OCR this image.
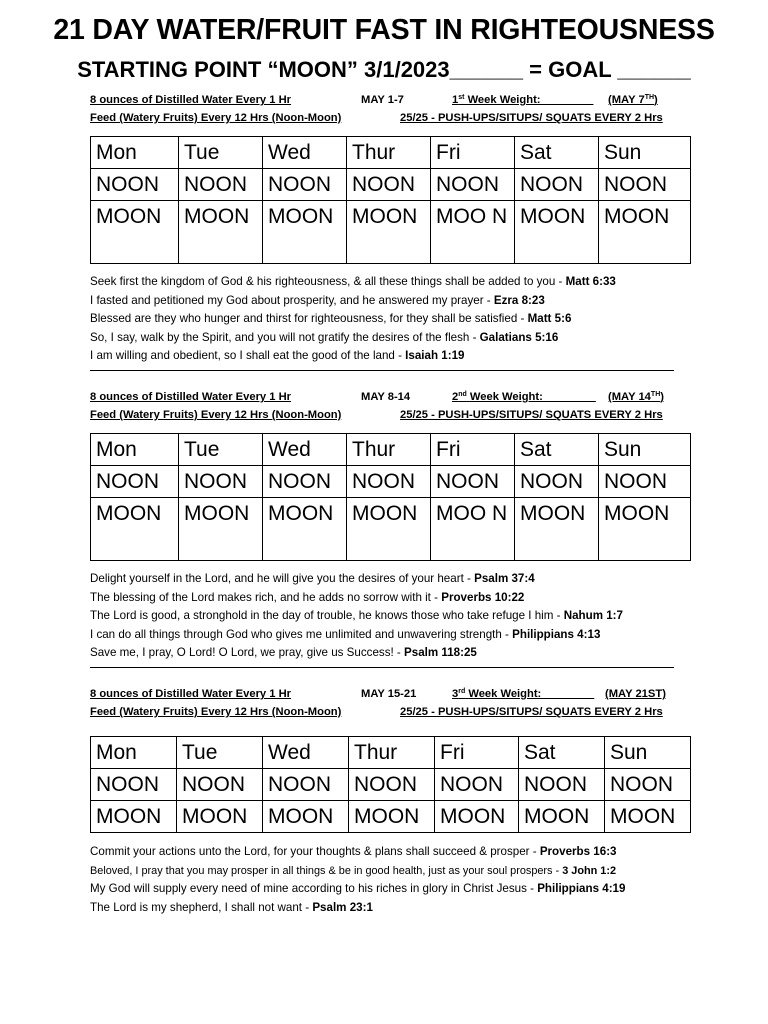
21 DAY WATER/FRUIT FAST IN RIGHTEOUSNESS
STARTING POINT “MOON” 3/1/2023______ = GOAL ______
8 ounces of Distilled Water Every 1 Hr	MAY 1-7	1st Week Weight: ________ (MAY 7TH)
Feed (Watery Fruits) Every 12 Hrs (Noon-Moon)	25/25 - PUSH-UPS/SITUPS/ SQUATS EVERY 2 Hrs
Mon	Tue	Wed	Thur	Fri	Sat	Sun
NOON	NOON	NOON	NOON	NOON	NOON	NOON
MOON	MOON	MOON	MOON	MOO N	MOON	MOON
Seek first the kingdom of God & his righteousness, & all these things shall be added to you - Matt 6:33
I fasted and petitioned my God about prosperity, and he answered my prayer - Ezra 8:23
Blessed are they who hunger and thirst for righteousness, for they shall be satisfied - Matt 5:6
So, I say, walk by the Spirit, and you will not gratify the desires of the flesh - Galatians 5:16
I am willing and obedient, so I shall eat the good of the land - Isaiah 1:19
8 ounces of Distilled Water Every 1 Hr	MAY 8-14	2nd Week Weight: ________ (MAY 14TH)
Feed (Watery Fruits) Every 12 Hrs (Noon-Moon)	25/25 - PUSH-UPS/SITUPS/ SQUATS EVERY 2 Hrs
Mon	Tue	Wed	Thur	Fri	Sat	Sun
NOON	NOON	NOON	NOON	NOON	NOON	NOON
MOON	MOON	MOON	MOON	MOO N	MOON	MOON
Delight yourself in the Lord, and he will give you the desires of your heart - Psalm 37:4
The blessing of the Lord makes rich, and he adds no sorrow with it - Proverbs 10:22
The Lord is good, a stronghold in the day of trouble, he knows those who take refuge I him - Nahum 1:7
I can do all things through God who gives me unlimited and unwavering strength - Philippians 4:13
Save me, I pray, O Lord! O Lord, we pray, give us Success! - Psalm 118:25
8 ounces of Distilled Water Every 1 Hr	MAY 15-21	3rd Week Weight: ________ (MAY 21ST)
Feed (Watery Fruits) Every 12 Hrs (Noon-Moon)	25/25 - PUSH-UPS/SITUPS/ SQUATS EVERY 2 Hrs
Mon	Tue	Wed	Thur	Fri	Sat	Sun
NOON	NOON	NOON	NOON	NOON	NOON	NOON
MOON	MOON	MOON	MOON	MOON	MOON	MOON
Commit your actions unto the Lord, for your thoughts & plans shall succeed & prosper - Proverbs 16:3
Beloved, I pray that you may prosper in all things & be in good health, just as your soul prospers - 3 John 1:2
My God will supply every need of mine according to his riches in glory in Christ Jesus - Philippians 4:19
The Lord is my shepherd, I shall not want - Psalm 23:1
